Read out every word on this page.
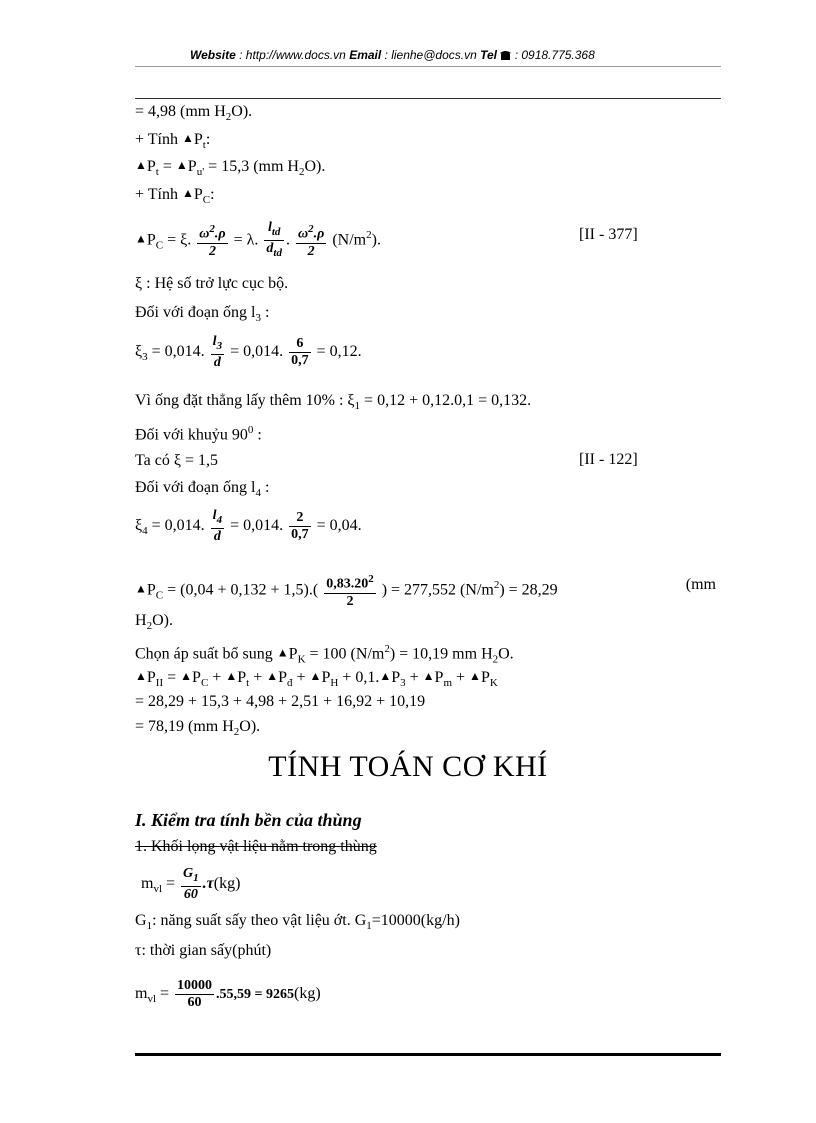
Website : http://www.docs.vn Email : lienhe@docs.vn Tel  : 0918.775.368
= 4,98 (mm $H_2O$).
+ Tính $▲P_t$:
$▲P_t$ = $▲P_{u'} = 15,3$ (mm $H_2O$).
+ Tính $▲P_C$:
$▲P_C = \xi$. $\frac{\omega^2.\rho}{2} = \lambda$. $\frac{l_{td}}{d_{td}}$ . $\frac{\omega^2.\rho}{2} (N/m^2)$.	[II - 377]
ξ : Hệ số trở lực cục bộ.
Đối với đoạn ống $l_3$ :
$\xi_3 = 0,014$. $\frac{l_3}{d} = 0,014$. $\frac{6}{0,7} = 0,12$.
Vì ống đặt thẳng lấy thêm 10% : $\xi_1 = 0,12 + 0,12.0,1 = 0,132$.
Đối với khuỷu $90^0$ :
Ta có ξ = 1,5	[II - 122]
Đối với đoạn ống $l_4$ :
$\xi_4 = 0,014$. $\frac{l_4}{d} = 0,014$. $\frac{2}{0,7} = 0,04$.
$▲P_C = (0,04 + 0,132 + 1,5).( \frac{0,83.20^2}{2}$ ) = 277,552 $(N/m^2) = 28,29$	(mm
$H_2O$).
Chọn áp suất bổ sung $▲P_K = 100$ $(N/m^2) = 10,19$ mm $H_2O$.
$▲P_{II}$ = $▲P_C$ + $▲P_t$ + $▲P_đ$ + $▲P_H$ + $0,1.▲P_3$ + $▲P_m$ + $▲P_K$
= 28,29 + 15,3 + 4,98 + 2,51 + 16,92 + 10,19
= 78,19 (mm $H_2O$).
TÍNH TOÁN CƠ KHÍ
I. Kiểm tra tính bền của thùng
1. Khối lọng vật liệu nằm trong thùng
$m_{vl} = \frac{G_1}{60} .\tau(kg)$
$G_1$: năng suất sấy theo vật liệu ớt. $G_1=10000(kg/h)$
τ: thời gian sấy(phút)
$m_{vl} = \frac{10000}{60} .55,59 = 9265(kg)$
